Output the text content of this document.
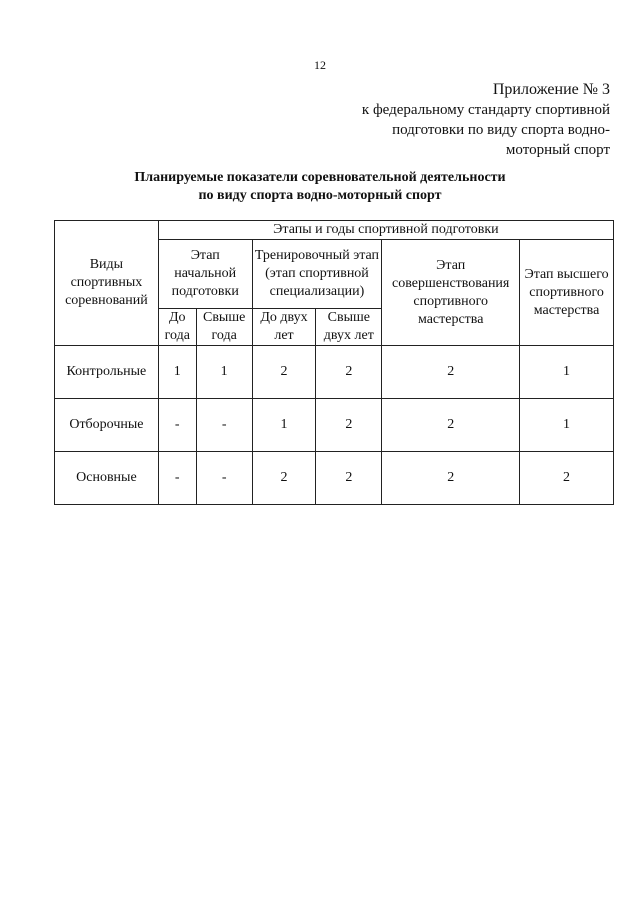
12
Приложение № 3
к федеральному стандарту спортивной
подготовки по виду спорта водно-
моторный спорт
Планируемые показатели соревновательной деятельности
по виду спорта водно-моторный спорт
Виды спортивных соревнований	Этапы и годы спортивной подготовки					
	Этап начальной подготовки		Тренировочный этап (этап спортивной специализации)		Этап совершенствования спортивного мастерства	Этап высшего спортивного мастерства
	До года	Свыше года	До двух лет	Свыше двух лет		
Контрольные	1	1	2	2	2	1
Отборочные	-	-	1	2	2	1
Основные	-	-	2	2	2	2
